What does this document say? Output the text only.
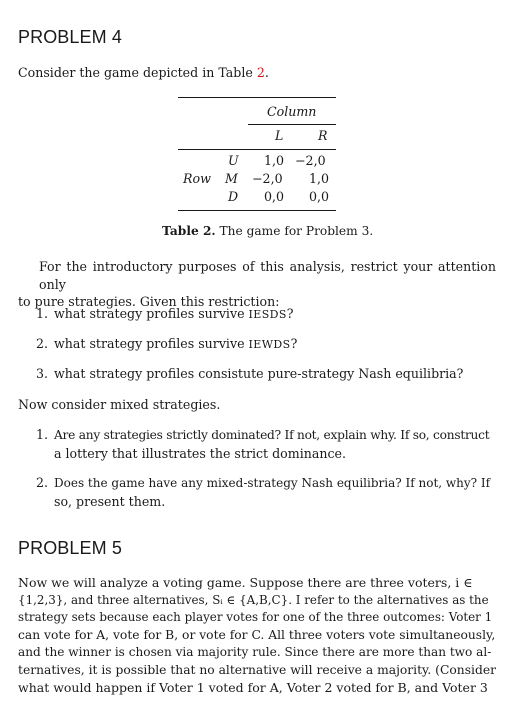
PROBLEM 4
Consider the game depicted in Table 2.
Column
L	R
Row
U 1,0 −2,0
M −2,0 1,0
D 0,0 0,0
Table 2. The game for Problem 3.
For the introductory purposes of this analysis, restrict your attention only
to pure strategies. Given this restriction:
1. what strategy profiles survive IESDS?
2. what strategy profiles survive IEWDS?
3. what strategy profiles consistute pure-strategy Nash equilibria?
Now consider mixed strategies.
1. Are any strategies strictly dominated? If not, explain why. If so, construct
a lottery that illustrates the strict dominance.
2. Does the game have any mixed-strategy Nash equilibria? If not, why? If
so, present them.
PROBLEM 5
Now we will analyze a voting game. Suppose there are three voters, i ∈
{1,2,3}, and three alternatives, Sᵢ ∈ {A,B,C}. I refer to the alternatives as the
strategy sets because each player votes for one of the three outcomes: Voter 1
can vote for A, vote for B, or vote for C. All three voters vote simultaneously,
and the winner is chosen via majority rule. Since there are more than two al-
ternatives, it is possible that no alternative will receive a majority. (Consider
what would happen if Voter 1 voted for A, Voter 2 voted for B, and Voter 3
